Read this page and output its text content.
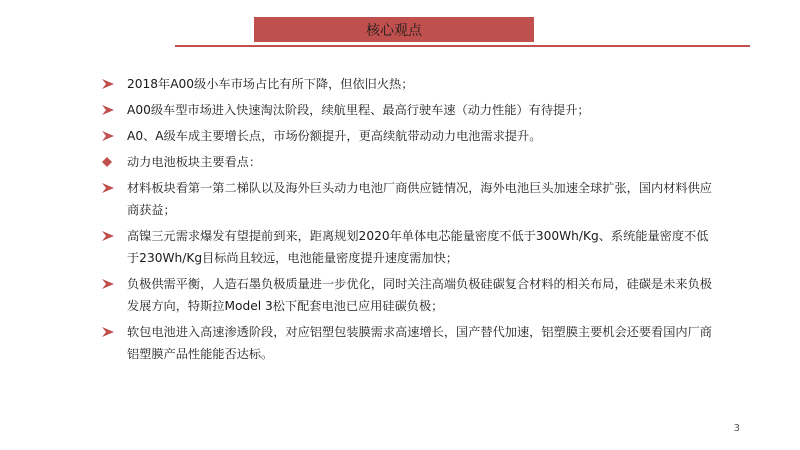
核心观点
2018年A00级小车市场占比有所下降，但依旧火热；
A00级车型市场进入快速淘汰阶段，续航里程、最高行驶车速（动力性能）有待提升；
A0、A级车成主要增长点，市场份额提升，更高续航带动动力电池需求提升。
动力电池板块主要看点：
材料板块看第一第二梯队以及海外巨头动力电池厂商供应链情况，海外电池巨头加速全球扩张，国内材料供应商获益；
高镍三元需求爆发有望提前到来，距离规划2020年单体电芯能量密度不低于300Wh/Kg、系统能量密度不低于230Wh/Kg目标尚且较远，电池能量密度提升速度需加快；
负极供需平衡，人造石墨负极质量进一步优化，同时关注高端负极硅碳复合材料的相关布局，硅碳是未来负极发展方向，特斯拉Model 3松下配套电池已应用硅碳负极；
软包电池进入高速渗透阶段，对应铝塑包装膜需求高速增长，国产替代加速，铝塑膜主要机会还要看国内厂商铝塑膜产品性能能否达标。
3
